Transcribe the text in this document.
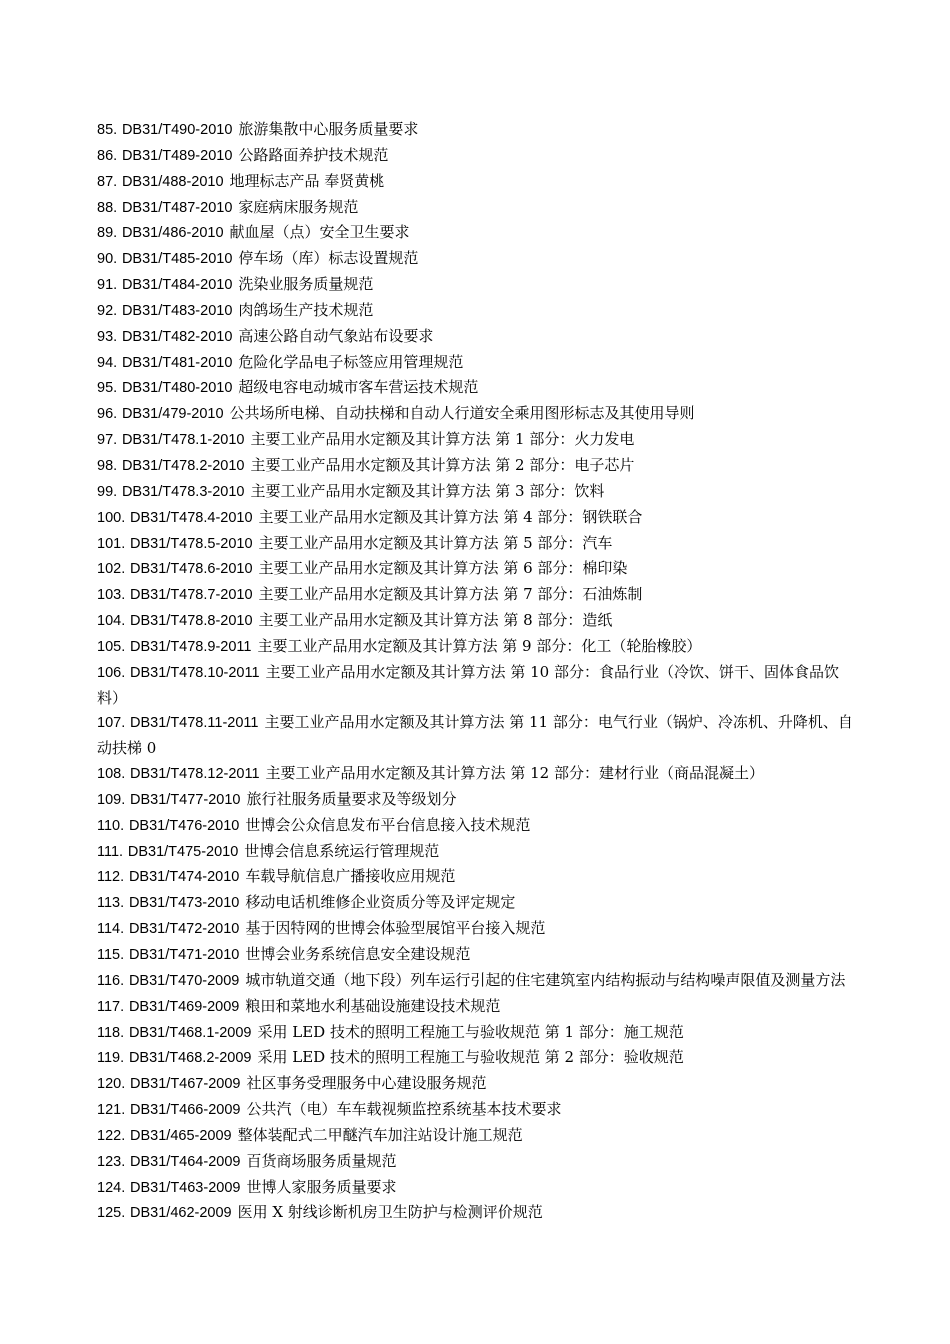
85. DB31/T490-2010 旅游集散中心服务质量要求

86. DB31/T489-2010 公路路面养护技术规范

87. DB31/488-2010 地理标志产品 奉贤黄桃

88. DB31/T487-2010 家庭病床服务规范

89. DB31/486-2010 献血屋（点）安全卫生要求

90. DB31/T485-2010 停车场（库）标志设置规范

91. DB31/T484-2010 洗染业服务质量规范

92. DB31/T483-2010 肉鸽场生产技术规范

93. DB31/T482-2010 高速公路自动气象站布设要求

94. DB31/T481-2010 危险化学品电子标签应用管理规范

95. DB31/T480-2010 超级电容电动城市客车营运技术规范

96. DB31/479-2010 公共场所电梯、自动扶梯和自动人行道安全乘用图形标志及其使用导则

97. DB31/T478.1-2010 主要工业产品用水定额及其计算方法 第 1 部分：火力发电

98. DB31/T478.2-2010 主要工业产品用水定额及其计算方法 第 2 部分：电子芯片

99. DB31/T478.3-2010 主要工业产品用水定额及其计算方法 第 3 部分：饮料

100. DB31/T478.4-2010 主要工业产品用水定额及其计算方法 第 4 部分：钢铁联合

101. DB31/T478.5-2010 主要工业产品用水定额及其计算方法 第 5 部分：汽车

102. DB31/T478.6-2010 主要工业产品用水定额及其计算方法 第 6 部分：棉印染

103. DB31/T478.7-2010 主要工业产品用水定额及其计算方法 第 7 部分：石油炼制

104. DB31/T478.8-2010 主要工业产品用水定额及其计算方法 第 8 部分：造纸

105. DB31/T478.9-2011 主要工业产品用水定额及其计算方法 第 9 部分：化工（轮胎橡胶）

106. DB31/T478.10-2011 主要工业产品用水定额及其计算方法 第 10 部分：食品行业（冷饮、饼干、固体食品饮料）

107. DB31/T478.11-2011 主要工业产品用水定额及其计算方法 第 11 部分：电气行业（锅炉、冷冻机、升降机、自动扶梯 0

108. DB31/T478.12-2011 主要工业产品用水定额及其计算方法 第 12 部分：建材行业（商品混凝土）

109. DB31/T477-2010 旅行社服务质量要求及等级划分

110. DB31/T476-2010 世博会公众信息发布平台信息接入技术规范

111. DB31/T475-2010 世博会信息系统运行管理规范

112. DB31/T474-2010 车载导航信息广播接收应用规范

113. DB31/T473-2010 移动电话机维修企业资质分等及评定规定

114. DB31/T472-2010 基于因特网的世博会体验型展馆平台接入规范

115. DB31/T471-2010 世博会业务系统信息安全建设规范

116. DB31/T470-2009 城市轨道交通（地下段）列车运行引起的住宅建筑室内结构振动与结构噪声限值及测量方法

117. DB31/T469-2009 粮田和菜地水利基础设施建设技术规范

118. DB31/T468.1-2009 采用 LED 技术的照明工程施工与验收规范 第 1 部分：施工规范

119. DB31/T468.2-2009 采用 LED 技术的照明工程施工与验收规范 第 2 部分：验收规范

120. DB31/T467-2009 社区事务受理服务中心建设服务规范

121. DB31/T466-2009 公共汽（电）车车载视频监控系统基本技术要求

122. DB31/465-2009 整体装配式二甲醚汽车加注站设计施工规范

123. DB31/T464-2009 百货商场服务质量规范

124. DB31/T463-2009 世博人家服务质量要求

125. DB31/462-2009 医用 X 射线诊断机房卫生防护与检测评价规范
